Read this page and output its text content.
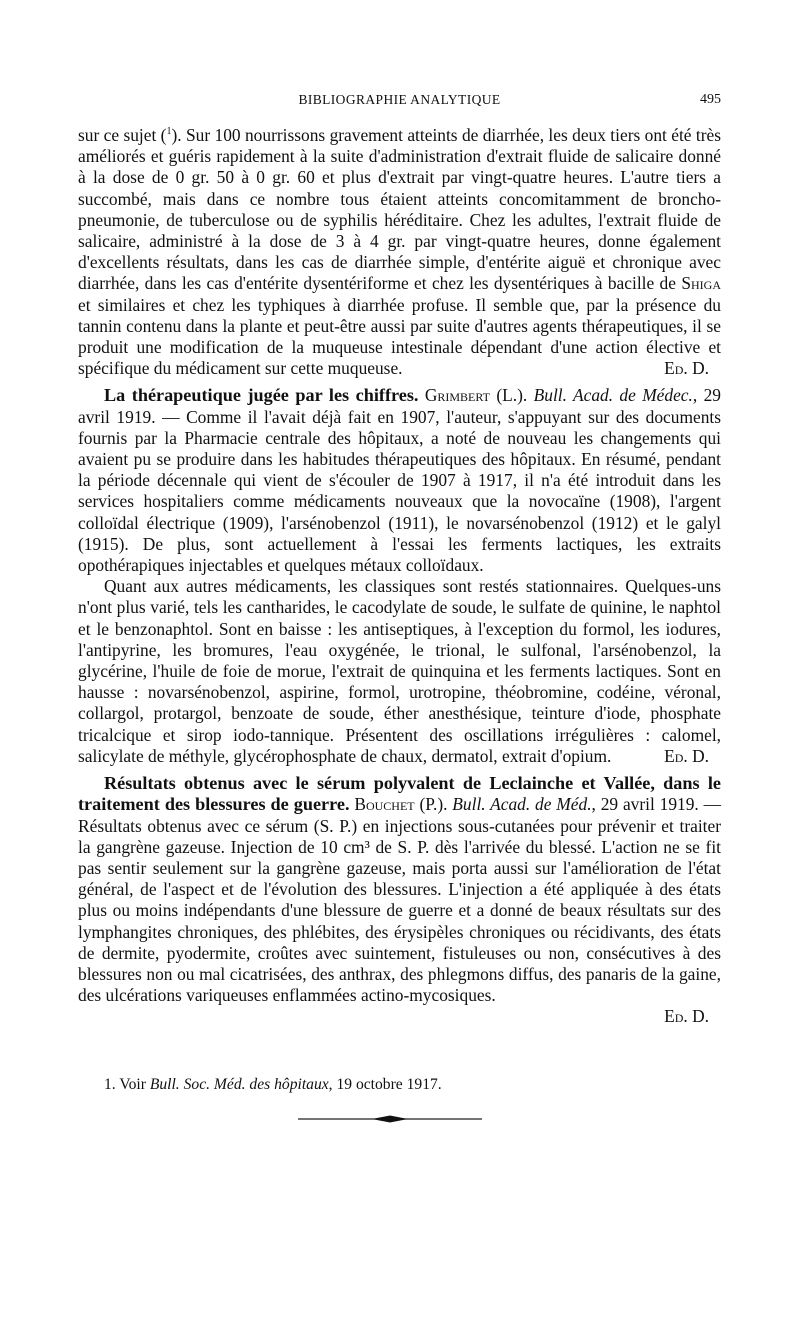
BIBLIOGRAPHIE ANALYTIQUE	495

sur ce sujet ($^1$). Sur 100 nourrissons gravement atteints de diarrhée, les deux tiers ont été très améliorés et guéris rapidement à la suite d'administration d'extrait fluide de salicaire donné à la dose de 0 gr. 50 à 0 gr. 60 et plus d'extrait par vingt-quatre heures. L'autre tiers a succombé, mais dans ce nombre tous étaient atteints concomitamment de broncho-pneumonie, de tuberculose ou de syphilis héréditaire. Chez les adultes, l'extrait fluide de salicaire, administré à la dose de 3 à 4 gr. par vingt-quatre heures, donne également d'excellents résultats, dans les cas de diarrhée simple, d'entérite aiguë et chronique avec diarrhée, dans les cas d'entérite dysentériforme et chez les dysentériques à bacille de Shiga et similaires et chez les typhiques à diarrhée profuse. Il semble que, par la présence du tannin contenu dans la plante et peut-être aussi par suite d'autres agents thérapeutiques, il se produit une modification de la muqueuse intestinale dépendant d'une action élective et spécifique du médicament sur cette muqueuse.	Ed. D.

La thérapeutique jugée par les chiffres. Grimbert (L.). Bull. Acad. de Médec., 29 avril 1919. — Comme il l'avait déjà fait en 1907, l'auteur, s'appuyant sur des documents fournis par la Pharmacie centrale des hôpitaux, a noté de nouveau les changements qui avaient pu se produire dans les habitudes thérapeutiques des hôpitaux. En résumé, pendant la période décennale qui vient de s'écouler de 1907 à 1917, il n'a été introduit dans les services hospitaliers comme médicaments nouveaux que la novocaïne (1908), l'argent colloïdal électrique (1909), l'arsénobenzol (1911), le novarsénobenzol (1912) et le galyl (1915). De plus, sont actuellement à l'essai les ferments lactiques, les extraits opothérapiques injectables et quelques métaux colloïdaux.

Quant aux autres médicaments, les classiques sont restés stationnaires. Quelques-uns n'ont plus varié, tels les cantharides, le cacodylate de soude, le sulfate de quinine, le naphtol et le benzonaphtol. Sont en baisse : les antiseptiques, à l'exception du formol, les iodures, l'antipyrine, les bromures, l'eau oxygénée, le trional, le sulfonal, l'arsénobenzol, la glycérine, l'huile de foie de morue, l'extrait de quinquina et les ferments lactiques. Sont en hausse : novarsénobenzol, aspirine, formol, urotropine, théobromine, codéine, véronal, collargol, protargol, benzoate de soude, éther anesthésique, teinture d'iode, phosphate tricalcique et sirop iodo-tannique. Présentent des oscillations irrégulières : calomel, salicylate de méthyle, glycérophosphate de chaux, dermatol, extrait d'opium.	Ed. D.

Résultats obtenus avec le sérum polyvalent de Leclainche et Vallée, dans le traitement des blessures de guerre. Bouchet (P.). Bull. Acad. de Méd., 29 avril 1919. — Résultats obtenus avec ce sérum (S. P.) en injections sous-cutanées pour prévenir et traiter la gangrène gazeuse. Injection de 10 cm³ de S. P. dès l'arrivée du blessé. L'action ne se fit pas sentir seulement sur la gangrène gazeuse, mais porta aussi sur l'amélioration de l'état général, de l'aspect et de l'évolution des blessures. L'injection a été appliquée à des états plus ou moins indépendants d'une blessure de guerre et a donné de beaux résultats sur des lymphangites chroniques, des phlébites, des érysipèles chroniques ou récidivants, des états de dermite, pyodermite, croûtes avec suintement, fistuleuses ou non, consécutives à des blessures non ou mal cicatrisées, des anthrax, des phlegmons diffus, des panaris de la gaine, des ulcérations variqueuses enflammées actino-mycosiques.

Ed. D.
1. Voir Bull. Soc. Méd. des hôpitaux, 19 octobre 1917.
